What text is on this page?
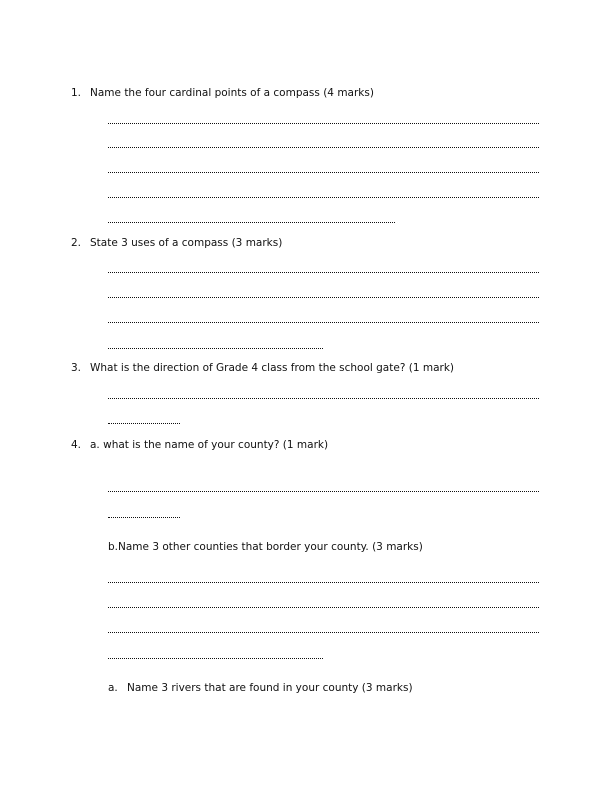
1. Name the four cardinal points of a compass (4 marks)
2. State 3 uses of a compass (3 marks)
3. What is the direction of Grade 4 class from the school gate? (1 mark)
4. a. what is the name of your county? (1 mark)
b.Name 3 other counties that border your county. (3 marks)
a. Name 3 rivers that are found in your county (3 marks)
